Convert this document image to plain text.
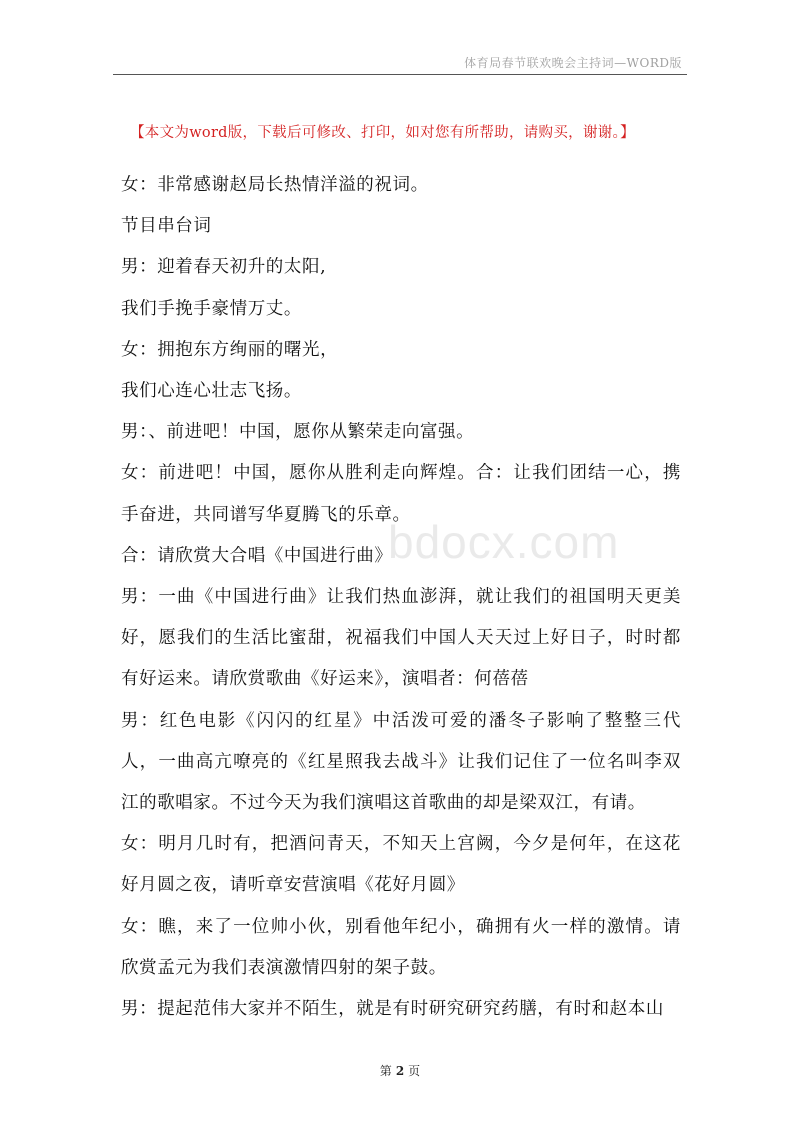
体育局春节联欢晚会主持词—WORD版
【本文为word版，下载后可修改、打印，如对您有所帮助，请购买，谢谢。】
bdocx.com

女：非常感谢赵局长热情洋溢的祝词。

节目串台词

男：迎着春天初升的太阳,

我们手挽手豪情万丈。

女：拥抱东方绚丽的曙光，

我们心连心壮志飞扬。

男：、前进吧！中国，愿你从繁荣走向富强。

女：前进吧！中国，愿你从胜利走向辉煌。合：让我们团结一心，携手奋进，共同谱写华夏腾飞的乐章。

合：请欣赏大合唱《中国进行曲》

男：一曲《中国进行曲》让我们热血澎湃，就让我们的祖国明天更美好，愿我们的生活比蜜甜，祝福我们中国人天天过上好日子，时时都有好运来。请欣赏歌曲《好运来》，演唱者：何蓓蓓

男：红色电影《闪闪的红星》中活泼可爱的潘冬子影响了整整三代人，一曲高亢嘹亮的《红星照我去战斗》让我们记住了一位名叫李双江的歌唱家。不过今天为我们演唱这首歌曲的却是梁双江，有请。

女：明月几时有，把酒问青天，不知天上宫阙，今夕是何年，在这花好月圆之夜，请听章安营演唱《花好月圆》

女：瞧，来了一位帅小伙，别看他年纪小，确拥有火一样的激情。请欣赏孟元为我们表演激情四射的架子鼓。

男：提起范伟大家并不陌生，就是有时研究研究药膳，有时和赵本山

第 2 页
